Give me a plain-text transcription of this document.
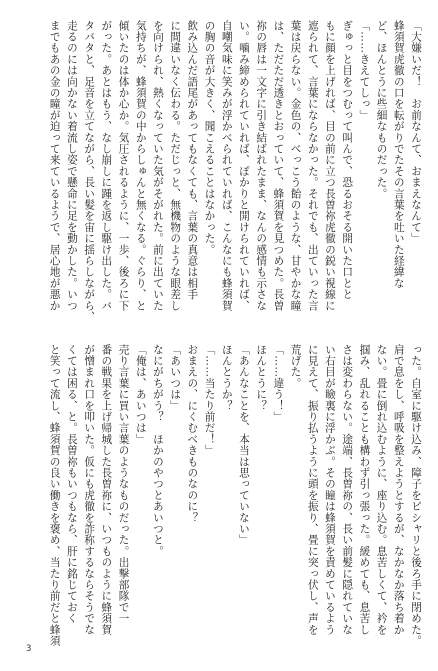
「大嫌いだ！　お前なんて、おまえなんて」

蜂須賀虎徹の口を転がりでたその言葉を吐いた経緯な

ど、ほんとうに些細なものだった。

「……きえてしっ」

ぎゅっと目をつむって叫んで、恐るおそる開いた口とと

もに顔を上げれば、目の前に立つ長曽祢虎徹の鋭い視線に

遮られて、言葉にならなかった。それでも、出ていった言

葉は戻らない。金色の、べっこう飴のような、甘やかな瞳

は、ただただ透きとおっていて、蜂須賀を見つめた。長曽

祢の唇は一文字に引き結ばれたまま、なんの感情も示さな

い。噛み締められていれば、ぽかりと開けられていれば、

自嘲気味に笑みが浮かべられていれば、こんなにも蜂須賀

の胸の音が大きく、聞こえることはなかった。

飲み込んだ語尾があってもなくても、言葉の真意は相手

に間違いなく伝わる。ただじっと、無機物のような眼差し

を向けられ、熱くなっていた気がそがれた。前に出ていた

気持ちが、蜂須賀の中からしゅんと無くなる。ぐらり、と

傾いたのは体か心か。気圧されるように、一歩、後ろに下

がった。あとはもう、なし崩しに踵を返し駆け出した。バ

タバタと、足音を立てながら、長い髪を宙に揺らしながら、

走るのには向かない着流し姿で懸命に足を動かした。いつ

までもあの金の瞳が迫って来ているようで、居心地が悪か

った。自室に駆け込み、障子をピシャリと後ろ手に閉めた。

肩で息をし、呼吸を整えようとするが、なかなか落ち着か

ない。畳に倒れ込むように、座り込む。息苦しくて、衿を

掴み、乱れることも構わず引っ張った。緩めても、息苦し

さは変わらない。途端、長曽祢の、長い前髪に隠れていな

い右目が瞼裏に浮かぶ。その瞳は蜂須賀を責めているよう

に見えて、振り払うように頭を振り、畳に突っ伏し、声を

荒げた。

「……違う！」

ほんとうに？

「あんなことを、本当は思っていない」

ほんとうか？

「……当たり前だ！」

おまえの、にくむべきものなのに？

「あいつは」

なにがちがう？　ほかのやつとあいつと。

「俺は、あいつは」

売り言葉に買い言葉のようなものだった。出撃部隊で一

番の戦果を上げ帰城した長曽祢に、いつものように蜂須賀

が憎まれ口を叩いた。仮にも虎徹を詐称するならそうでな

くては困る、と。長曽祢もいつもなら、肝に銘じておく

と笑って流し、蜂須賀の良い働きを褒め、当たり前だと蜂須

3
